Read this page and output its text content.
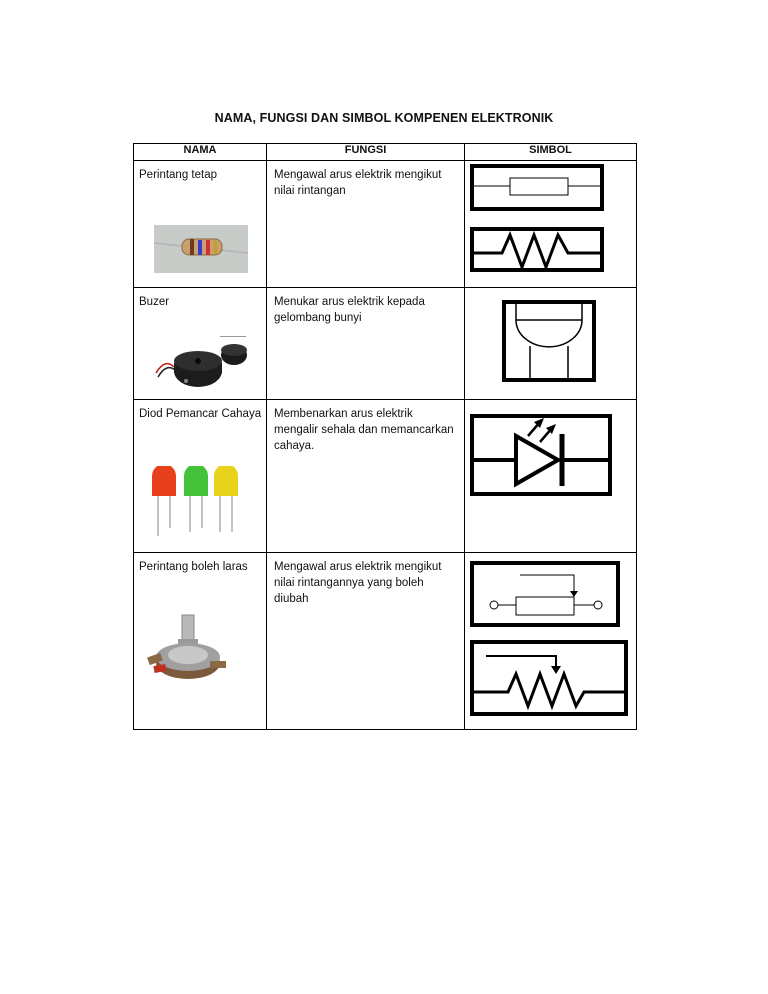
NAMA, FUNGSI DAN SIMBOL KOMPENEN ELEKTRONIK
NAMA	FUNGSI	SIMBOL

Perintang tetap	Mengawal arus elektrik mengikut nilai rintangan

Buzer	Menukar arus elektrik kepada gelombang bunyi

Diod Pemancar Cahaya	Membenarkan arus elektrik mengalir sehala dan memancarkan cahaya.

Perintang boleh laras	Mengawal arus elektrik mengikut nilai rintangannya yang boleh diubah
